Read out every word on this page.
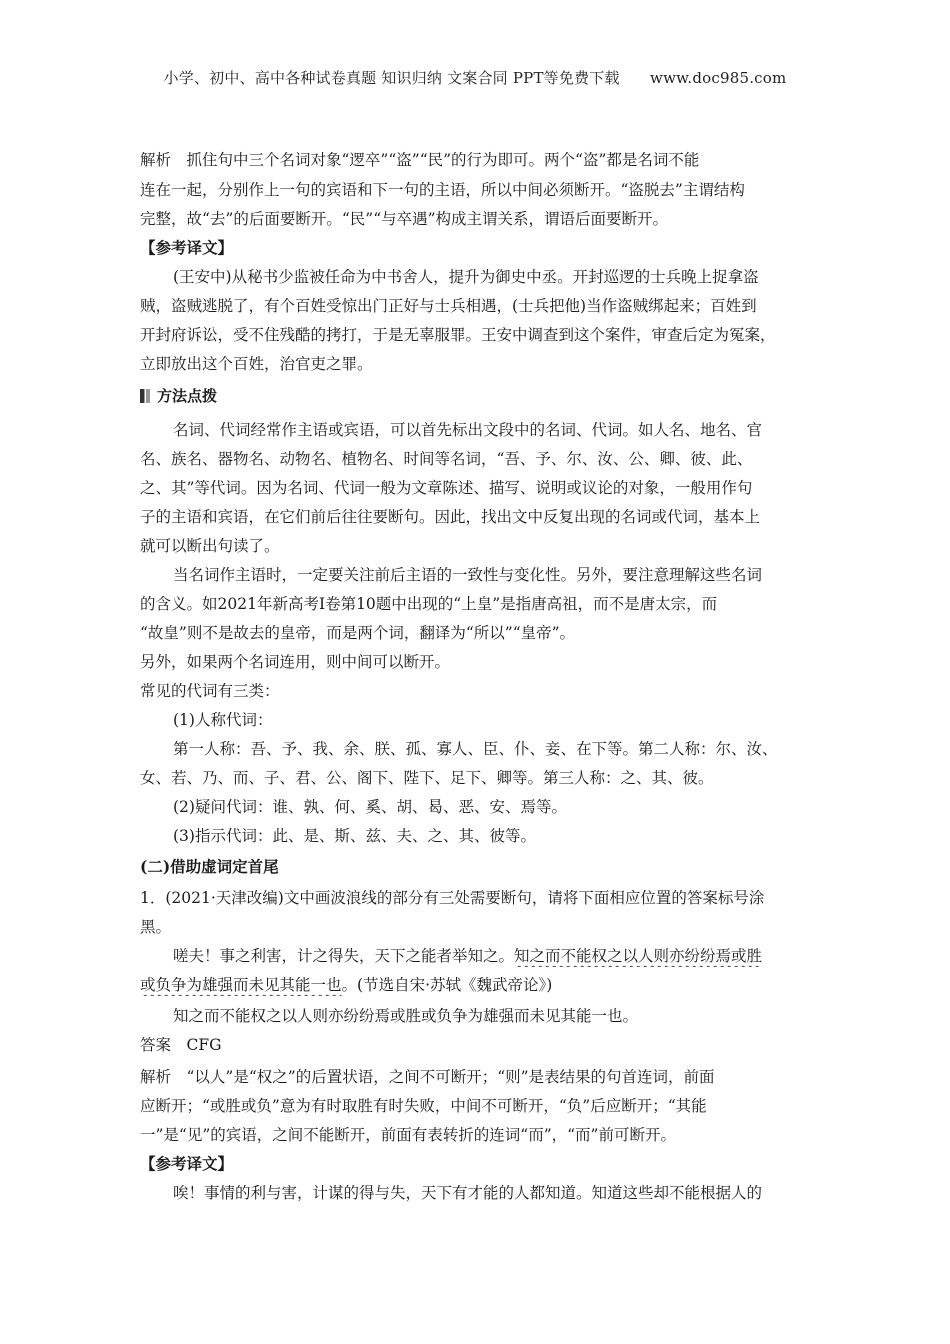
小学、初中、高中各种试卷真题 知识归纳 文案合同 PPT等免费下载　　www.doc985.com
解析　抓住句中三个名词对象“逻卒”“盗”“民”的行为即可。两个“盗”都是名词不能
连在一起，分别作上一句的宾语和下一句的主语，所以中间必须断开。“盗脱去”主谓结构
完整，故“去”的后面要断开。“民”“与卒遇”构成主谓关系，谓语后面要断开。
【参考译文】
(王安中)从秘书少监被任命为中书舍人，提升为御史中丞。开封巡逻的士兵晚上捉拿盗
贼，盗贼逃脱了，有个百姓受惊出门正好与士兵相遇，(士兵把他)当作盗贼绑起来；百姓到
开封府诉讼，受不住残酷的拷打，于是无辜服罪。王安中调查到这个案件，审查后定为冤案，
立即放出这个百姓，治官吏之罪。
方法点拨
名词、代词经常作主语或宾语，可以首先标出文段中的名词、代词。如人名、地名、官
名、族名、器物名、动物名、植物名、时间等名词，“吾、予、尔、汝、公、卿、彼、此、
之、其”等代词。因为名词、代词一般为文章陈述、描写、说明或议论的对象，一般用作句
子的主语和宾语，在它们前后往往要断句。因此，找出文中反复出现的名词或代词，基本上
就可以断出句读了。
当名词作主语时，一定要关注前后主语的一致性与变化性。另外，要注意理解这些名词
的含义。如2021年新高考Ⅰ卷第10题中出现的“上皇”是指唐高祖，而不是唐太宗，而
“故皇”则不是故去的皇帝，而是两个词，翻译为“所以”“皇帝”。
另外，如果两个名词连用，则中间可以断开。
常见的代词有三类：
(1)人称代词：
第一人称：吾、予、我、余、朕、孤、寡人、臣、仆、妾、在下等。第二人称：尔、汝、
女、若、乃、而、子、君、公、阁下、陛下、足下、卿等。第三人称：之、其、彼。
(2)疑问代词：谁、孰、何、奚、胡、曷、恶、安、焉等。
(3)指示代词：此、是、斯、兹、夫、之、其、彼等。
(二)借助虚词定首尾
1．(2021·天津改编)文中画波浪线的部分有三处需要断句，请将下面相应位置的答案标号涂
黑。
嗟夫！事之利害，计之得失，天下之能者举知之。知之而不能权之以人则亦纷纷焉或胜
或负争为雄强而未见其能一也。(节选自宋·苏轼《魏武帝论》)
知之而不能权之以人则亦纷纷焉或胜或负争为雄强而未见其能一也。
答案　CFG
解析　“以人”是“权之”的后置状语，之间不可断开；“则”是表结果的句首连词，前面
应断开；“或胜或负”意为有时取胜有时失败，中间不可断开，“负”后应断开；“其能
一”是“见”的宾语，之间不能断开，前面有表转折的连词“而”，“而”前可断开。
【参考译文】
唉！事情的利与害，计谋的得与失，天下有才能的人都知道。知道这些却不能根据人的
